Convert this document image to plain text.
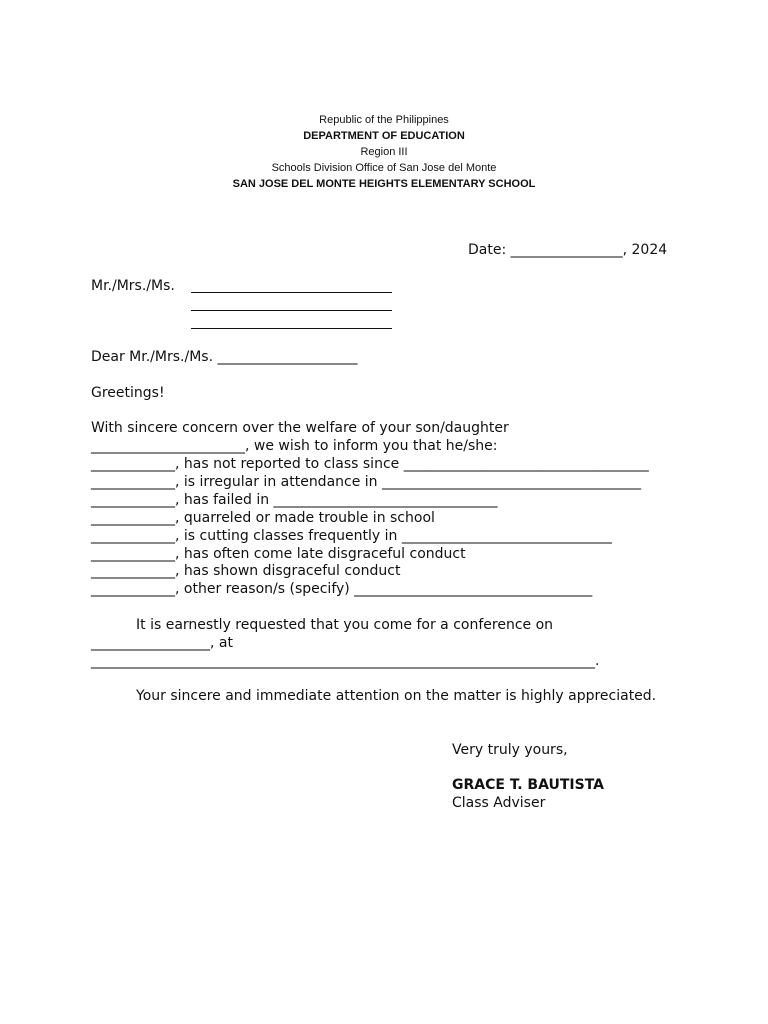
Republic of the Philippines
DEPARTMENT OF EDUCATION
Region III
Schools Division Office of San Jose del Monte
SAN JOSE DEL MONTE HEIGHTS ELEMENTARY SCHOOL
Date: ________________, 2024
Mr./Mrs./Ms.
Dear Mr./Mrs./Ms. ____________________
Greetings!
With sincere concern over the welfare of your son/daughter
______________________, we wish to inform you that he/she:
____________, has not reported to class since ___________________________________
____________, is irregular in attendance in _____________________________________
____________, has failed in ________________________________
____________, quarreled or made trouble in school
____________, is cutting classes frequently in ______________________________
____________, has often come late disgraceful conduct
____________, has shown disgraceful conduct
____________, other reason/s (specify) __________________________________
It is earnestly requested that you come for a conference on
_________________, at
________________________________________________________________________.
Your sincere and immediate attention on the matter is highly appreciated.
Very truly yours,
GRACE T. BAUTISTA
Class Adviser
